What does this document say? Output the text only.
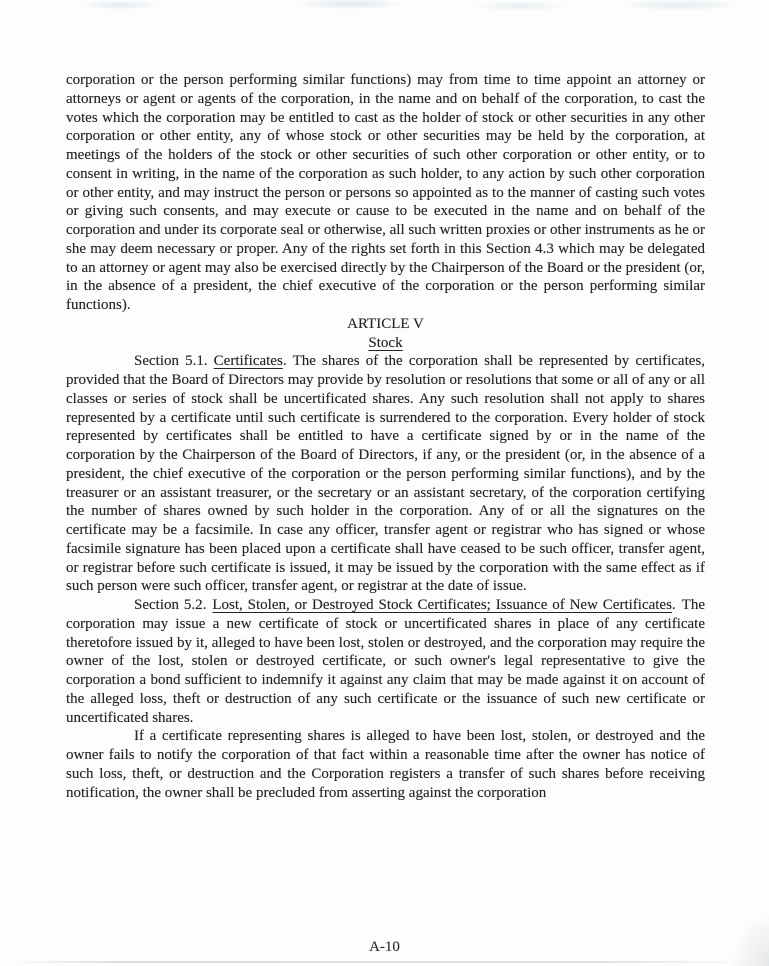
corporation or the person performing similar functions) may from time to time appoint an attorney or attorneys or agent or agents of the corporation, in the name and on behalf of the corporation, to cast the votes which the corporation may be entitled to cast as the holder of stock or other securities in any other corporation or other entity, any of whose stock or other securities may be held by the corporation, at meetings of the holders of the stock or other securities of such other corporation or other entity, or to consent in writing, in the name of the corporation as such holder, to any action by such other corporation or other entity, and may instruct the person or persons so appointed as to the manner of casting such votes or giving such consents, and may execute or cause to be executed in the name and on behalf of the corporation and under its corporate seal or otherwise, all such written proxies or other instruments as he or she may deem necessary or proper. Any of the rights set forth in this Section 4.3 which may be delegated to an attorney or agent may also be exercised directly by the Chairperson of the Board or the president (or, in the absence of a president, the chief executive of the corporation or the person performing similar functions).

ARTICLE V

Stock

Section 5.1. Certificates. The shares of the corporation shall be represented by certificates, provided that the Board of Directors may provide by resolution or resolutions that some or all of any or all classes or series of stock shall be uncertificated shares. Any such resolution shall not apply to shares represented by a certificate until such certificate is surrendered to the corporation. Every holder of stock represented by certificates shall be entitled to have a certificate signed by or in the name of the corporation by the Chairperson of the Board of Directors, if any, or the president (or, in the absence of a president, the chief executive of the corporation or the person performing similar functions), and by the treasurer or an assistant treasurer, or the secretary or an assistant secretary, of the corporation certifying the number of shares owned by such holder in the corporation. Any of or all the signatures on the certificate may be a facsimile. In case any officer, transfer agent or registrar who has signed or whose facsimile signature has been placed upon a certificate shall have ceased to be such officer, transfer agent, or registrar before such certificate is issued, it may be issued by the corporation with the same effect as if such person were such officer, transfer agent, or registrar at the date of issue.

Section 5.2. Lost, Stolen, or Destroyed Stock Certificates; Issuance of New Certificates. The corporation may issue a new certificate of stock or uncertificated shares in place of any certificate theretofore issued by it, alleged to have been lost, stolen or destroyed, and the corporation may require the owner of the lost, stolen or destroyed certificate, or such owner's legal representative to give the corporation a bond sufficient to indemnify it against any claim that may be made against it on account of the alleged loss, theft or destruction of any such certificate or the issuance of such new certificate or uncertificated shares.

If a certificate representing shares is alleged to have been lost, stolen, or destroyed and the owner fails to notify the corporation of that fact within a reasonable time after the owner has notice of such loss, theft, or destruction and the Corporation registers a transfer of such shares before receiving notification, the owner shall be precluded from asserting against the corporation

A-10
